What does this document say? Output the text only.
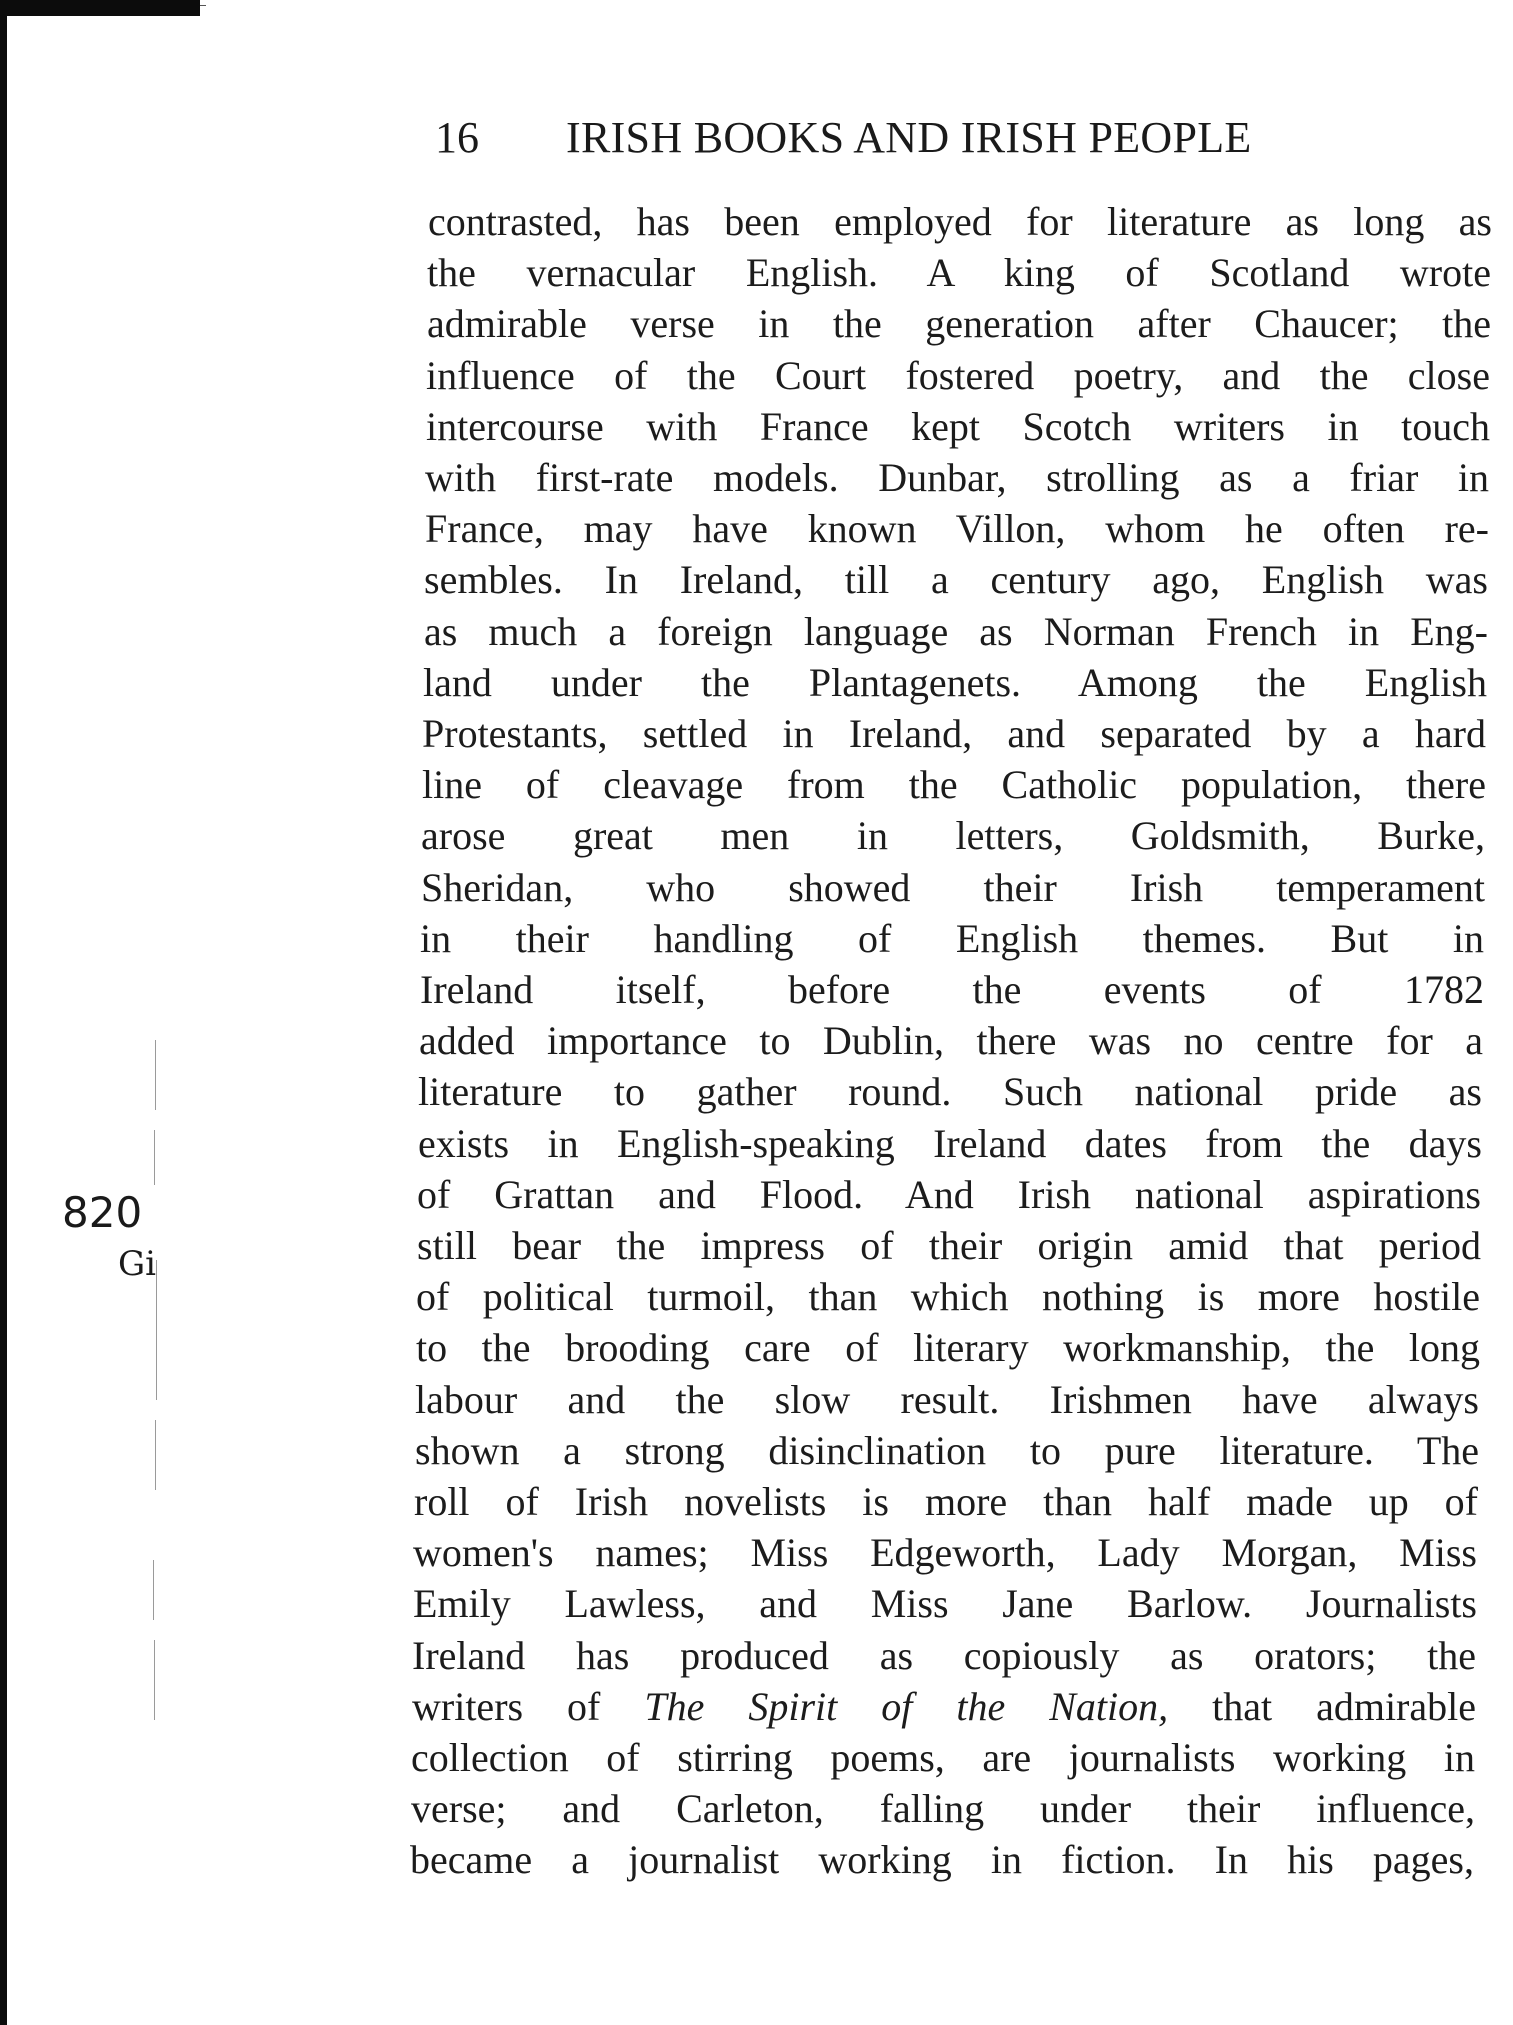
820
Gi
16 IRISH BOOKS AND IRISH PEOPLE
contrasted, has been employed for literature as long as
the vernacular English. A king of Scotland wrote
admirable verse in the generation after Chaucer; the
influence of the Court fostered poetry, and the close
intercourse with France kept Scotch writers in touch
with first-rate models. Dunbar, strolling as a friar in
France, may have known Villon, whom he often re-
sembles. In Ireland, till a century ago, English was
as much a foreign language as Norman French in Eng-
land under the Plantagenets. Among the English
Protestants, settled in Ireland, and separated by a hard
line of cleavage from the Catholic population, there
arose great men in letters, Goldsmith, Burke,
Sheridan, who showed their Irish temperament
in their handling of English themes. But in
Ireland itself, before the events of 1782
added importance to Dublin, there was no centre for a
literature to gather round. Such national pride as
exists in English-speaking Ireland dates from the days
of Grattan and Flood. And Irish national aspirations
still bear the impress of their origin amid that period
of political turmoil, than which nothing is more hostile
to the brooding care of literary workmanship, the long
labour and the slow result. Irishmen have always
shown a strong disinclination to pure literature. The
roll of Irish novelists is more than half made up of
women's names; Miss Edgeworth, Lady Morgan, Miss
Emily Lawless, and Miss Jane Barlow. Journalists
Ireland has produced as copiously as orators; the
writers of The Spirit of the Nation, that admirable
collection of stirring poems, are journalists working in
verse; and Carleton, falling under their influence,
became a journalist working in fiction. In his pages,
